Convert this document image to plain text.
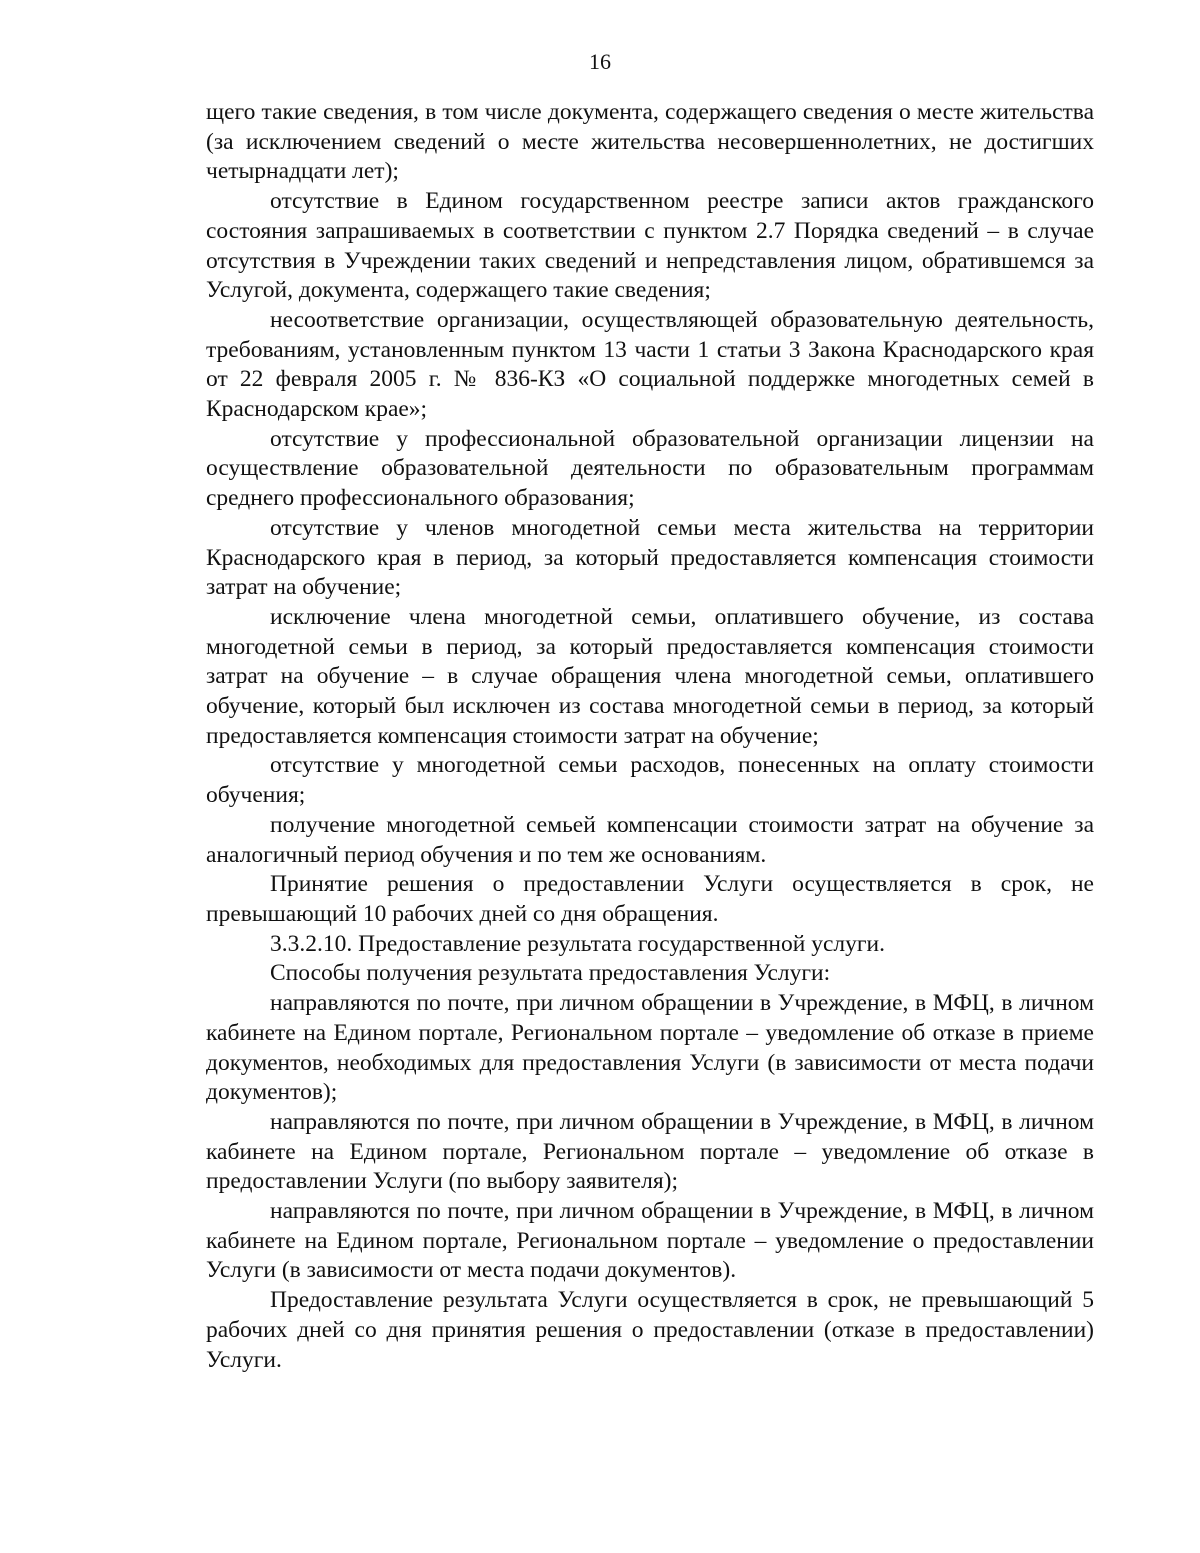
16

щего такие сведения, в том числе документа, содержащего сведения о месте жительства (за исключением сведений о месте жительства несовершеннолетних, не достигших четырнадцати лет);

отсутствие в Едином государственном реестре записи актов гражданского состояния запрашиваемых в соответствии с пунктом 2.7 Порядка сведений – в случае отсутствия в Учреждении таких сведений и непредставления лицом, обратившемся за Услугой, документа, содержащего такие сведения;

несоответствие организации, осуществляющей образовательную деятельность, требованиям, установленным пунктом 13 части 1 статьи 3 Закона Краснодарского края от 22 февраля 2005 г. № 836-КЗ «О социальной поддержке многодетных семей в Краснодарском крае»;

отсутствие у профессиональной образовательной организации лицензии на осуществление образовательной деятельности по образовательным программам среднего профессионального образования;

отсутствие у членов многодетной семьи места жительства на территории Краснодарского края в период, за который предоставляется компенсация стоимости затрат на обучение;

исключение члена многодетной семьи, оплатившего обучение, из состава многодетной семьи в период, за который предоставляется компенсация стоимости затрат на обучение – в случае обращения члена многодетной семьи, оплатившего обучение, который был исключен из состава многодетной семьи в период, за который предоставляется компенсация стоимости затрат на обучение;

отсутствие у многодетной семьи расходов, понесенных на оплату стоимости обучения;

получение многодетной семьей компенсации стоимости затрат на обучение за аналогичный период обучения и по тем же основаниям.

Принятие решения о предоставлении Услуги осуществляется в срок, не превышающий 10 рабочих дней со дня обращения.

3.3.2.10. Предоставление результата государственной услуги.

Способы получения результата предоставления Услуги:

направляются по почте, при личном обращении в Учреждение, в МФЦ, в личном кабинете на Едином портале, Региональном портале – уведомление об отказе в приеме документов, необходимых для предоставления Услуги (в зависимости от места подачи документов);

направляются по почте, при личном обращении в Учреждение, в МФЦ, в личном кабинете на Едином портале, Региональном портале – уведомление об отказе в предоставлении Услуги (по выбору заявителя);

направляются по почте, при личном обращении в Учреждение, в МФЦ, в личном кабинете на Едином портале, Региональном портале – уведомление о предоставлении Услуги (в зависимости от места подачи документов).

Предоставление результата Услуги осуществляется в срок, не превышающий 5 рабочих дней со дня принятия решения о предоставлении (отказе в предоставлении) Услуги.
